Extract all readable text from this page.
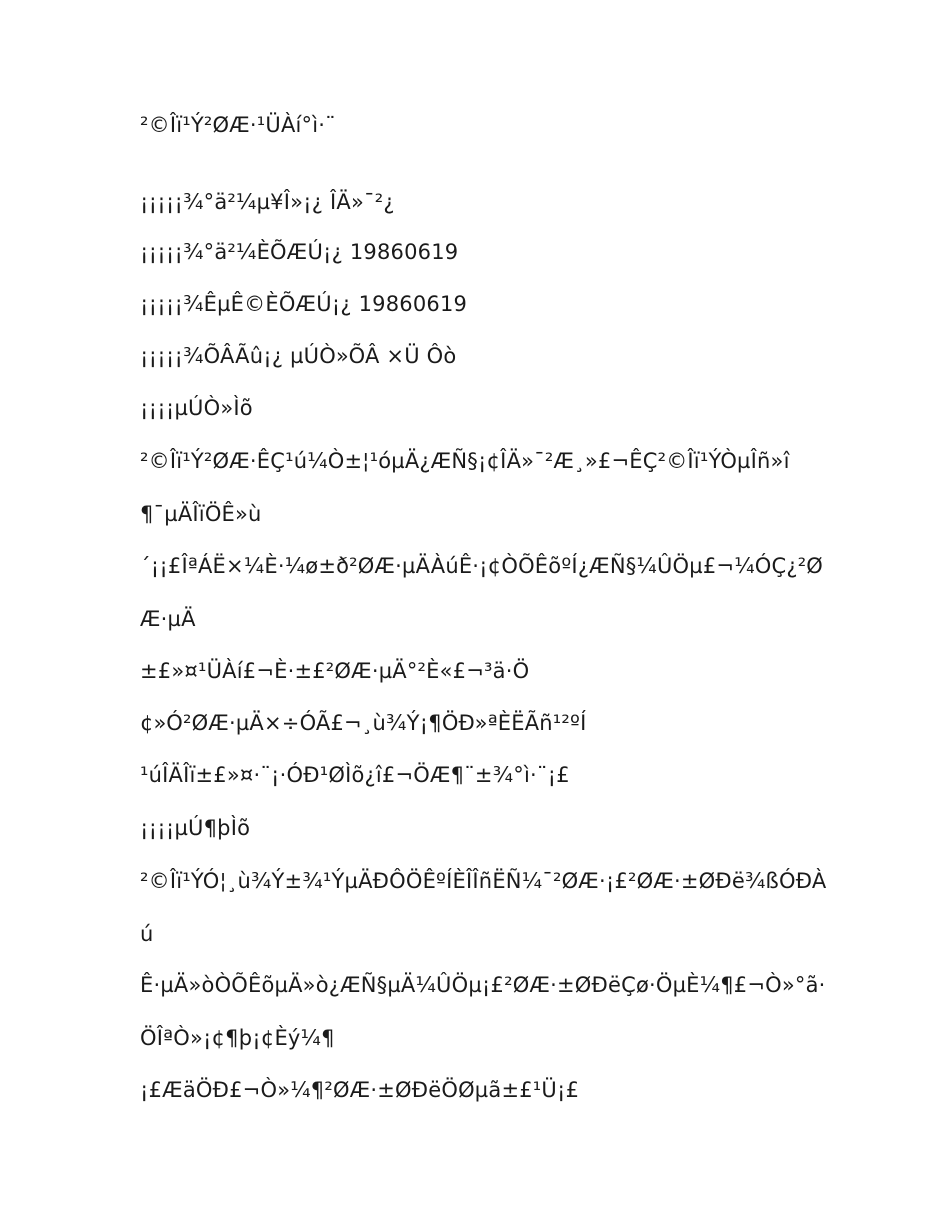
²©Îï¹Ý²ØÆ·¹ÜÀí°ì·¨
¡¡¡¡¡¾°ä²¼µ¥Î»¡¿ ÎÄ»¯²¿
¡¡¡¡¡¾°ä²¼ÈÕÆÚ¡¿ 19860619
¡¡¡¡¡¾ÊµÊ©ÈÕÆÚ¡¿ 19860619
¡¡¡¡¡¾ÕÂÃû¡¿ µÚÒ»ÕÂ ×Ü Ôò
¡¡¡¡µÚÒ»Ìõ
²©Îï¹Ý²ØÆ·ÊÇ¹ú¼Ò±¦¹óµÄ¿ÆÑ§¡¢ÎÄ»¯²Æ¸»£¬ÊÇ²©Îï¹ÝÒµÎñ»î
¶¯µÄÎïÖÊ»ù
´¡¡£ÎªÁË×¼È·¼ø±ð²ØÆ·µÄÀúÊ·¡¢ÒÕÊõºÍ¿ÆÑ§¼ÛÖµ£¬¼ÓÇ¿²Ø
Æ·µÄ
±£»¤¹ÜÀí£¬È·±£²ØÆ·µÄ°²È«£¬³ä·Ö
¢»Ó²ØÆ·µÄ×÷ÓÃ£¬¸ù¾Ý¡¶ÖÐ»ªÈËÃñ¹²ºÍ
¹úÎÄÎï±£»¤·¨¡·ÓÐ¹ØÌõ¿î£¬ÖÆ¶¨±¾°ì·¨¡£
¡¡¡¡µÚ¶þÌõ
²©Îï¹ÝÓ¦¸ù¾Ý±¾¹ÝµÄÐÔÖÊºÍÈÎÎñËÑ¼¯²ØÆ·¡£²ØÆ·±ØÐë¾ßÓÐÀ
ú
Ê·µÄ»òÒÕÊõµÄ»ò¿ÆÑ§µÄ¼ÛÖµ¡£²ØÆ·±ØÐëÇø·ÖµÈ¼¶£¬Ò»°ã·
ÖÎªÒ»¡¢¶þ¡¢Èý¼¶
¡£ÆäÖÐ£¬Ò»¼¶²ØÆ·±ØÐëÖØµã±£¹Ü¡£
